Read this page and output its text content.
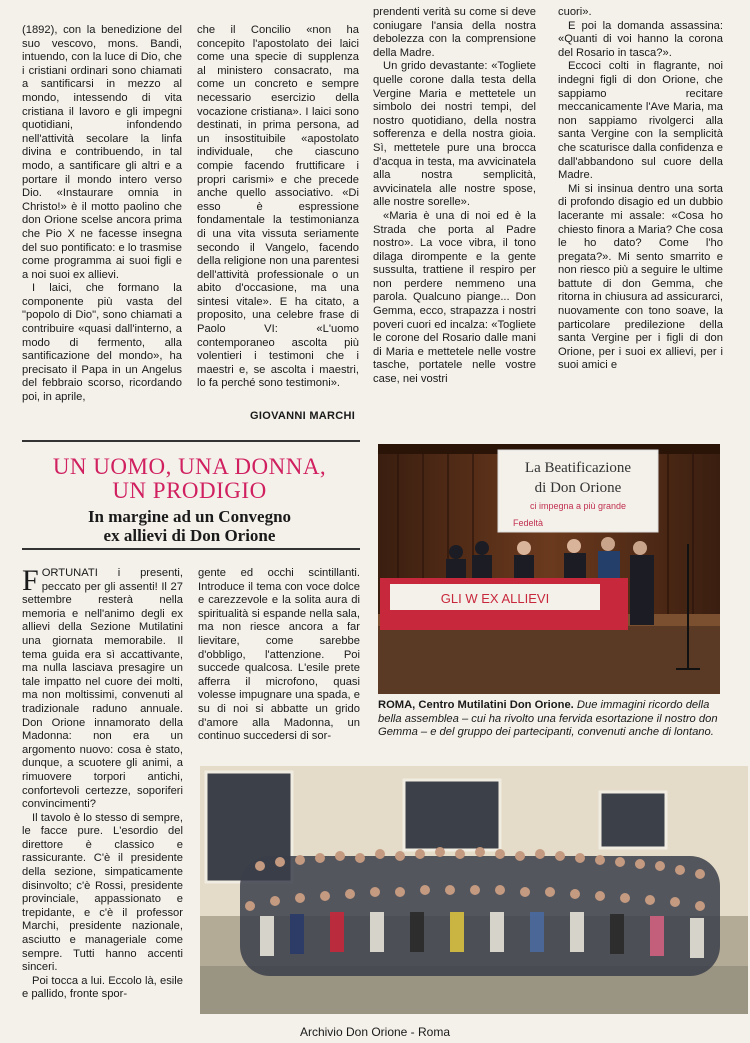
(1892), con la benedizione del suo vescovo, mons. Bandi, intuendo, con la luce di Dio, che i cristiani ordinari sono chiamati a santificarsi in mezzo al mondo, intessendo di vita cristiana il lavoro e gli impegni quotidiani, infondendo nell'attività secolare la linfa divina e contribuendo, in tal modo, a santificare gli altri e a portare il mondo intero verso Dio. «Instaurare omnia in Christo!» è il motto paolino che don Orione scelse ancora prima che Pio X ne facesse insegna del suo pontificato: e lo trasmise come programma ai suoi figli e a noi suoi ex allievi.

I laici, che formano la componente più vasta del "popolo di Dio", sono chiamati a contribuire «quasi dall'interno, a modo di fermento, alla santificazione del mondo», ha precisato il Papa in un Angelus del febbraio scorso, ricordando poi, in aprile,

che il Concilio «non ha concepito l'apostolato dei laici come una specie di supplenza al ministero consacrato, ma come un concreto e sempre necessario esercizio della vocazione cristiana». I laici sono destinati, in prima persona, ad un insostituibile «apostolato individuale, che ciascuno compie facendo fruttificare i propri carismi» e che precede anche quello associativo. «Di esso è espressione fondamentale la testimonianza di una vita vissuta seriamente secondo il Vangelo, facendo della religione non una parentesi dell'attività professionale o un abito d'occasione, ma una sintesi vitale». E ha citato, a proposito, una celebre frase di Paolo VI: «L'uomo contemporaneo ascolta più volentieri i testimoni che i maestri e, se ascolta i maestri, lo fa perché sono testimoni».

GIOVANNI MARCHI

prendenti verità su come si deve coniugare l'ansia della nostra debolezza con la comprensione della Madre.

Un grido devastante: «Togliete quelle corone dalla testa della Vergine Maria e mettetele un simbolo dei nostri tempi, del nostro quotidiano, della nostra sofferenza e della nostra gioia. Sì, mettetele pure una brocca d'acqua in testa, ma avvicinatela alla nostra semplicità, avvicinatela alle nostre spose, alle nostre sorelle».

«Maria è una di noi ed è la Strada che porta al Padre nostro». La voce vibra, il tono dilaga dirompente e la gente sussulta, trattiene il respiro per non perdere nemmeno una parola. Qualcuno piange... Don Gemma, ecco, strapazza i nostri poveri cuori ed incalza: «Togliete le corone del Rosario dalle mani di Maria e mettetele nelle vostre tasche, portatele nelle vostre case, nei vostri

cuori».

E poi la domanda assassina: «Quanti di voi hanno la corona del Rosario in tasca?».

Eccoci colti in flagrante, noi indegni figli di don Orione, che sappiamo recitare meccanicamente l'Ave Maria, ma non sappiamo rivolgerci alla santa Vergine con la semplicità che scaturisce dalla confidenza e dall'abbandono sul cuore della Madre.

Mi si insinua dentro una sorta di profondo disagio ed un dubbio lacerante mi assale: «Cosa ho chiesto finora a Maria? Che cosa le ho dato? Come l'ho pregata?». Mi sento smarrito e non riesco più a seguire le ultime battute di don Gemma, che ritorna in chiusura ad assicurarci, nuovamente con tono soave, la particolare predilezione della santa Vergine per i figli di don Orione, per i suoi ex allievi, per i suoi amici e

UN UOMO, UNA DONNA,
UN PRODIGIO
In margine ad un Convegno
ex allievi di Don Orione

FORTUNATI i presenti, peccato per gli assenti! Il 27 settembre resterà nella memoria e nell'animo degli ex allievi della Sezione Mutilatini una giornata memorabile. Il tema guida era sì accattivante, ma nulla lasciava presagire un tale impatto nel cuore dei molti, ma non moltissimi, convenuti al tradizionale raduno annuale. Don Orione innamorato della Madonna: non era un argomento nuovo: cosa è stato, dunque, a scuotere gli animi, a rimuovere torpori antichi, confortevoli certezze, soporiferi convincimenti?

Il tavolo è lo stesso di sempre, le facce pure. L'esordio del direttore è classico e rassicurante. C'è il presidente della sezione, simpaticamente disinvolto; c'è Rossi, presidente provinciale, appassionato e trepidante, e c'è il professor Marchi, presidente nazionale, asciutto e manageriale come sempre. Tutti hanno accenti sinceri.

Poi tocca a lui. Eccolo là, esile e pallido, fronte spor-

gente ed occhi scintillanti. Introduce il tema con voce dolce e carezzevole e la solita aura di spiritualità si espande nella sala, ma non riesce ancora a far lievitare, come sarebbe d'obbligo, l'attenzione. Poi succede qualcosa. L'esile prete afferra il microfono, quasi volesse impugnare una spada, e su di noi si abbatte un grido d'amore alla Madonna, un continuo succedersi di sor-

La Beatificazione
di Don Orione
ci impegna a più grande
Fedeltà
GLI W EX ALLIEVI
ROMA, Centro Mutilatini Don Orione. Due immagini ricordo della bella assemblea – cui ha rivolto una fervida esortazione il nostro don Gemma – e del gruppo dei partecipanti, convenuti anche di lontano.
Archivio Don Orione - Roma
